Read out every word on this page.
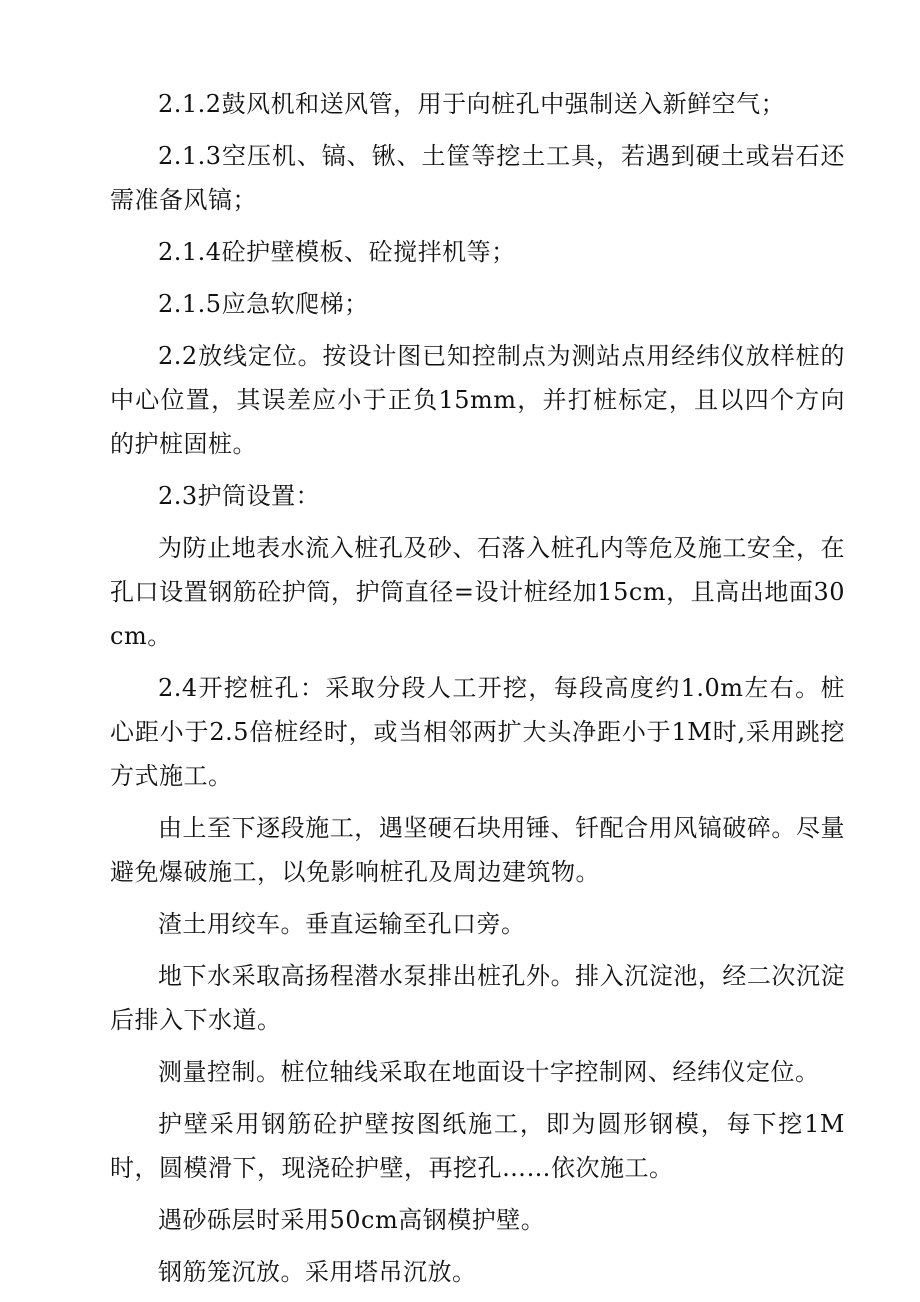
2.1.2鼓风机和送风管，用于向桩孔中强制送入新鲜空气；

2.1.3空压机、镐、锹、土筐等挖土工具，若遇到硬土或岩石还需准备风镐；

2.1.4砼护壁模板、砼搅拌机等；

2.1.5应急软爬梯；

2.2放线定位。按设计图已知控制点为测站点用经纬仪放样桩的中心位置，其误差应小于正负15mm，并打桩标定，且以四个方向的护桩固桩。

2.3护筒设置：

为防止地表水流入桩孔及砂、石落入桩孔内等危及施工安全，在孔口设置钢筋砼护筒，护筒直径=设计桩经加15cm，且高出地面30cm。

2.4开挖桩孔：采取分段人工开挖，每段高度约1.0m左右。桩心距小于2.5倍桩经时，或当相邻两扩大头净距小于1M时,采用跳挖方式施工。

由上至下逐段施工，遇坚硬石块用锤、钎配合用风镐破碎。尽量避免爆破施工，以免影响桩孔及周边建筑物。

渣土用绞车。垂直运输至孔口旁。

地下水采取高扬程潜水泵排出桩孔外。排入沉淀池，经二次沉淀后排入下水道。

测量控制。桩位轴线采取在地面设十字控制网、经纬仪定位。

护壁采用钢筋砼护壁按图纸施工，即为圆形钢模，每下挖1M时，圆模滑下，现浇砼护壁，再挖孔……依次施工。

遇砂砾层时采用50cm高钢模护壁。

钢筋笼沉放。采用塔吊沉放。
